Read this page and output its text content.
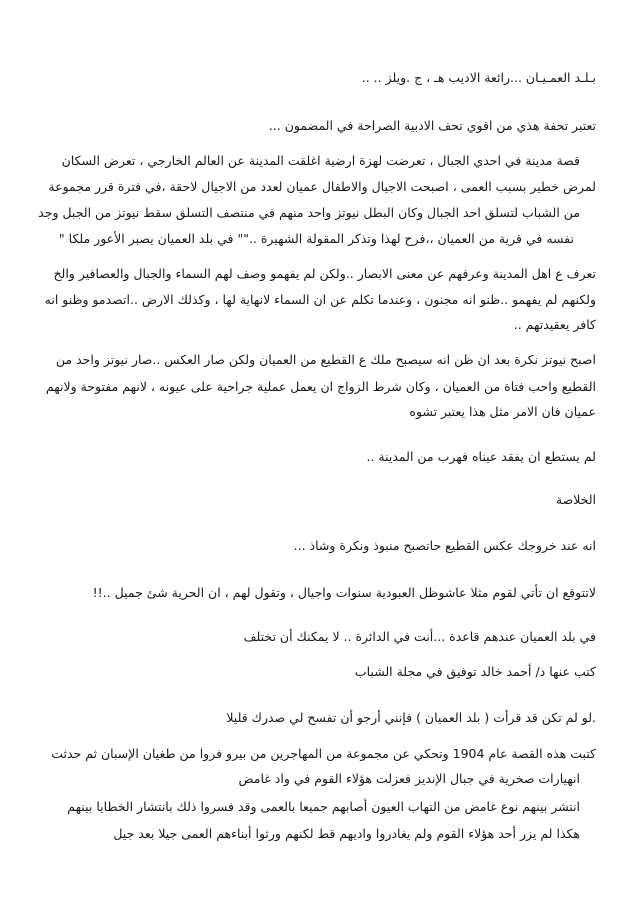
بـلـد العمـيـان ...رائعة الادیب ھـ ، ج .ویلز .. ..
تعتبر تحفة ھذي من اقوي تحف الادبیة الصراحة في المضمون ...
قصة مدینة في احدي الجبال ، تعرضت لھزة ارضیة اغلقت المدینة عن العالم الخارجي ، تعرض السكان
لمرض خطیر بسبب العمى ، اصبحت الاجیال والاطفال عمیان لعدد من الاجیال لاحقة ،في فترة قرر مجموعة
من الشباب لتسلق احد الجبال وكان البطل نیوتز واحد منھم في منتصف التسلق سقط نیوتز من الجبل وجد
نفسه في قریة من العمیان ،،فرح لھذا وتذكر المقولة الشھیرة .."" في بلد العمیان یصبر الأعور ملكا "
تعرف ع اھل المدینة وعرفھم عن معنى الابصار ..ولكن لم یفھمو وصف لھم السماء والجبال والعصافیر والخ
ولكنھم لم یفھمو ..ظنو انه مجنون ، وعندما تكلم عن ان السماء لانھایة لھا ، وكذلك الارض ..اتصدمو وظنو انه
كافر یعقیدتھم ..
اصبح نیوتز نكرة بعد ان ظن انه سیصبح ملك ع القطیع من العمیان ولكن صار العكس ..صار نیوتز واحد من
القطیع واحب فتاة من العمیان ، وكان شرط الزواج ان یعمل عملیة جراحیة على عیونه ، لانھم مفتوحة ولانھم
عمیان فان الامر مثل ھذا یعتبر تشوه
لم یستطع ان یفقد عیناه فھرب من المدینة ..
الخلاصة
انه عند خروجك عكس القطیع حاتصبح منبوذ ونكرة وشاذ ...
لاتتوقع ان تأتي لقوم مثلا عاشوظل العبودیة سنوات واجیال ، وتقول لھم ، ان الحریة شئ جمیل ..!!
في بلد العمیان عندھم قاعدة ...أنت في الدائرة .. لا یمكنك أن تختلف
كتب عنھا د/ أحمد خالد توفیق في مجلة الشباب
.لو لم تكن قد قرأت ( بلد العمیان ) فإنني أرجو أن تفسح لي صدرك قلیلا
كتبت ھذه القصة عام 1904 وتحكي عن مجموعة من المھاجرین من بیرو فروا من طغیان الإسبان ثم حدثت
انھیارات صخریة في جبال الإندیز فعزلت ھؤلاء القوم في واد غامض
انتشر بینھم نوع غامض من التھاب العیون أصابھم جمیعا بالعمى وقد فسروا ذلك بانتشار الخطایا بینھم
ھكذا لم یزر أحد ھؤلاء القوم ولم یغادروا وادیھم قط لكنھم ورثوا أبناءھم العمى جیلا بعد جیل
